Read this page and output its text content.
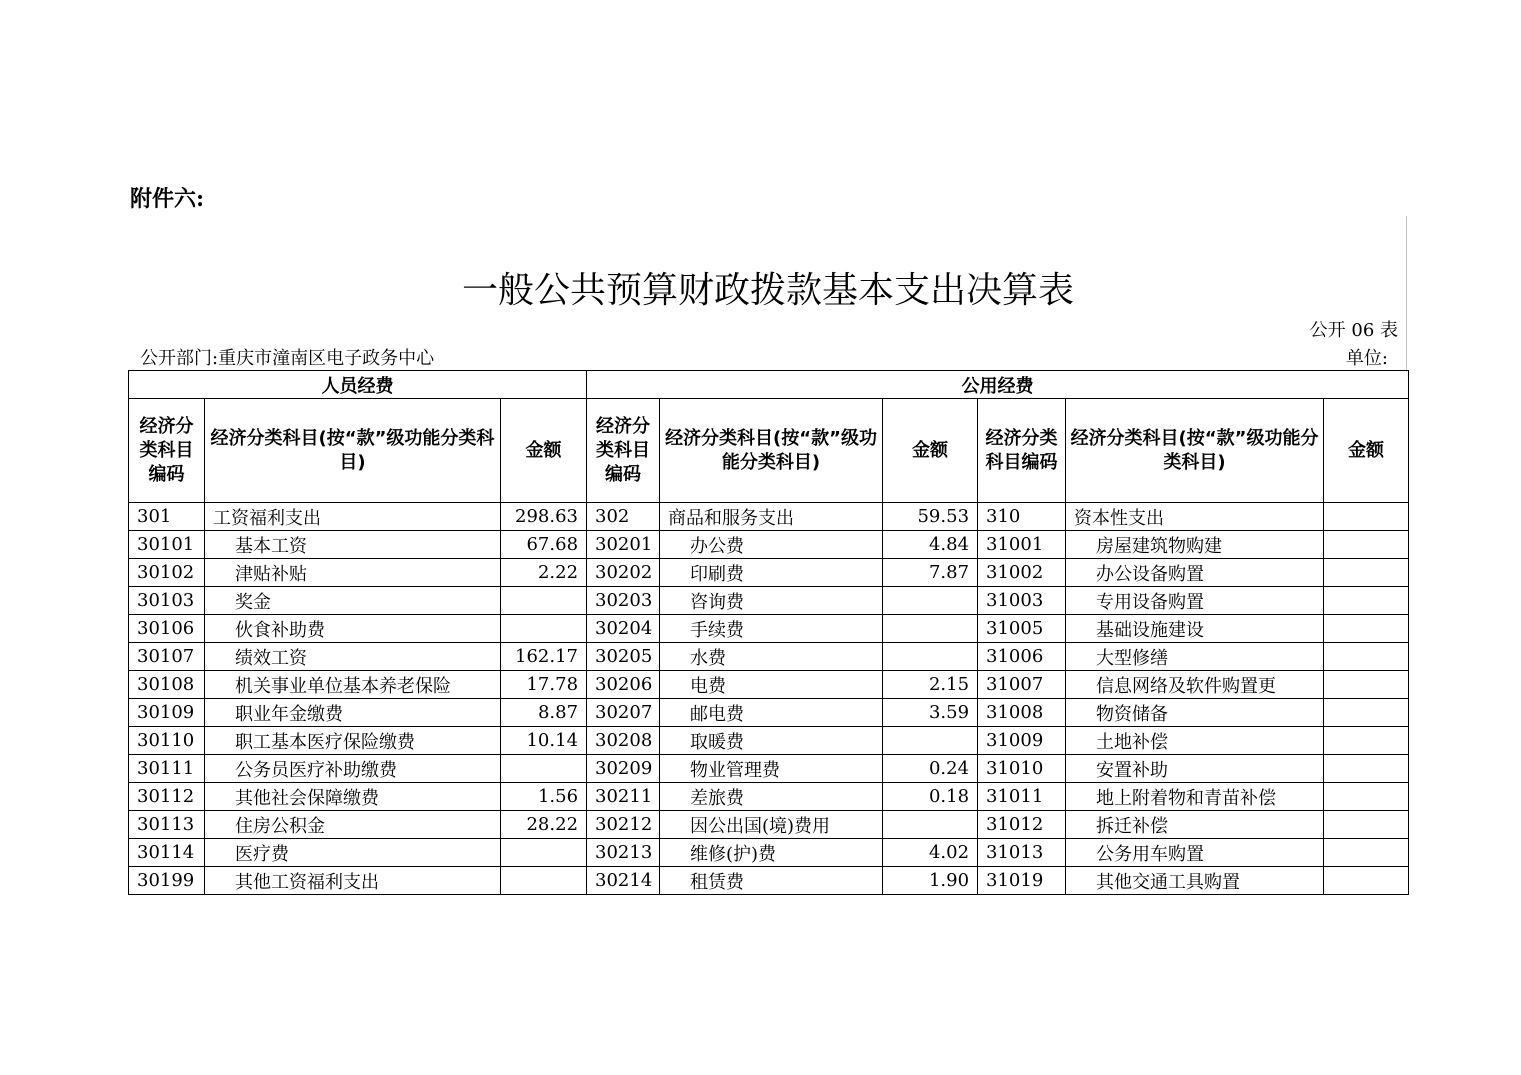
附件六:
一般公共预算财政拨款基本支出决算表
公开 06 表
公开部门:重庆市潼南区电子政务中心	单位:
人员经费			公用经费					
经济分类科目编码	经济分类科目(按“款”级功能分类科目)	金额	经济分类科目编码	经济分类科目(按“款”级功能分类科目)	金额	经济分类科目编码	经济分类科目(按“款”级功能分类科目)	金额
301	工资福利支出	298.63	302	商品和服务支出	59.53	310	资本性支出	
30101	基本工资	67.68	30201	办公费	4.84	31001	房屋建筑物购建	
30102	津贴补贴	2.22	30202	印刷费	7.87	31002	办公设备购置	
30103	奖金		30203	咨询费		31003	专用设备购置	
30106	伙食补助费		30204	手续费		31005	基础设施建设	
30107	绩效工资	162.17	30205	水费		31006	大型修缮	
30108	机关事业单位基本养老保险	17.78	30206	电费	2.15	31007	信息网络及软件购置更	
30109	职业年金缴费	8.87	30207	邮电费	3.59	31008	物资储备	
30110	职工基本医疗保险缴费	10.14	30208	取暖费		31009	土地补偿	
30111	公务员医疗补助缴费		30209	物业管理费	0.24	31010	安置补助	
30112	其他社会保障缴费	1.56	30211	差旅费	0.18	31011	地上附着物和青苗补偿	
30113	住房公积金	28.22	30212	因公出国(境)费用		31012	拆迁补偿	
30114	医疗费		30213	维修(护)费	4.02	31013	公务用车购置	
30199	其他工资福利支出		30214	租赁费	1.90	31019	其他交通工具购置	
